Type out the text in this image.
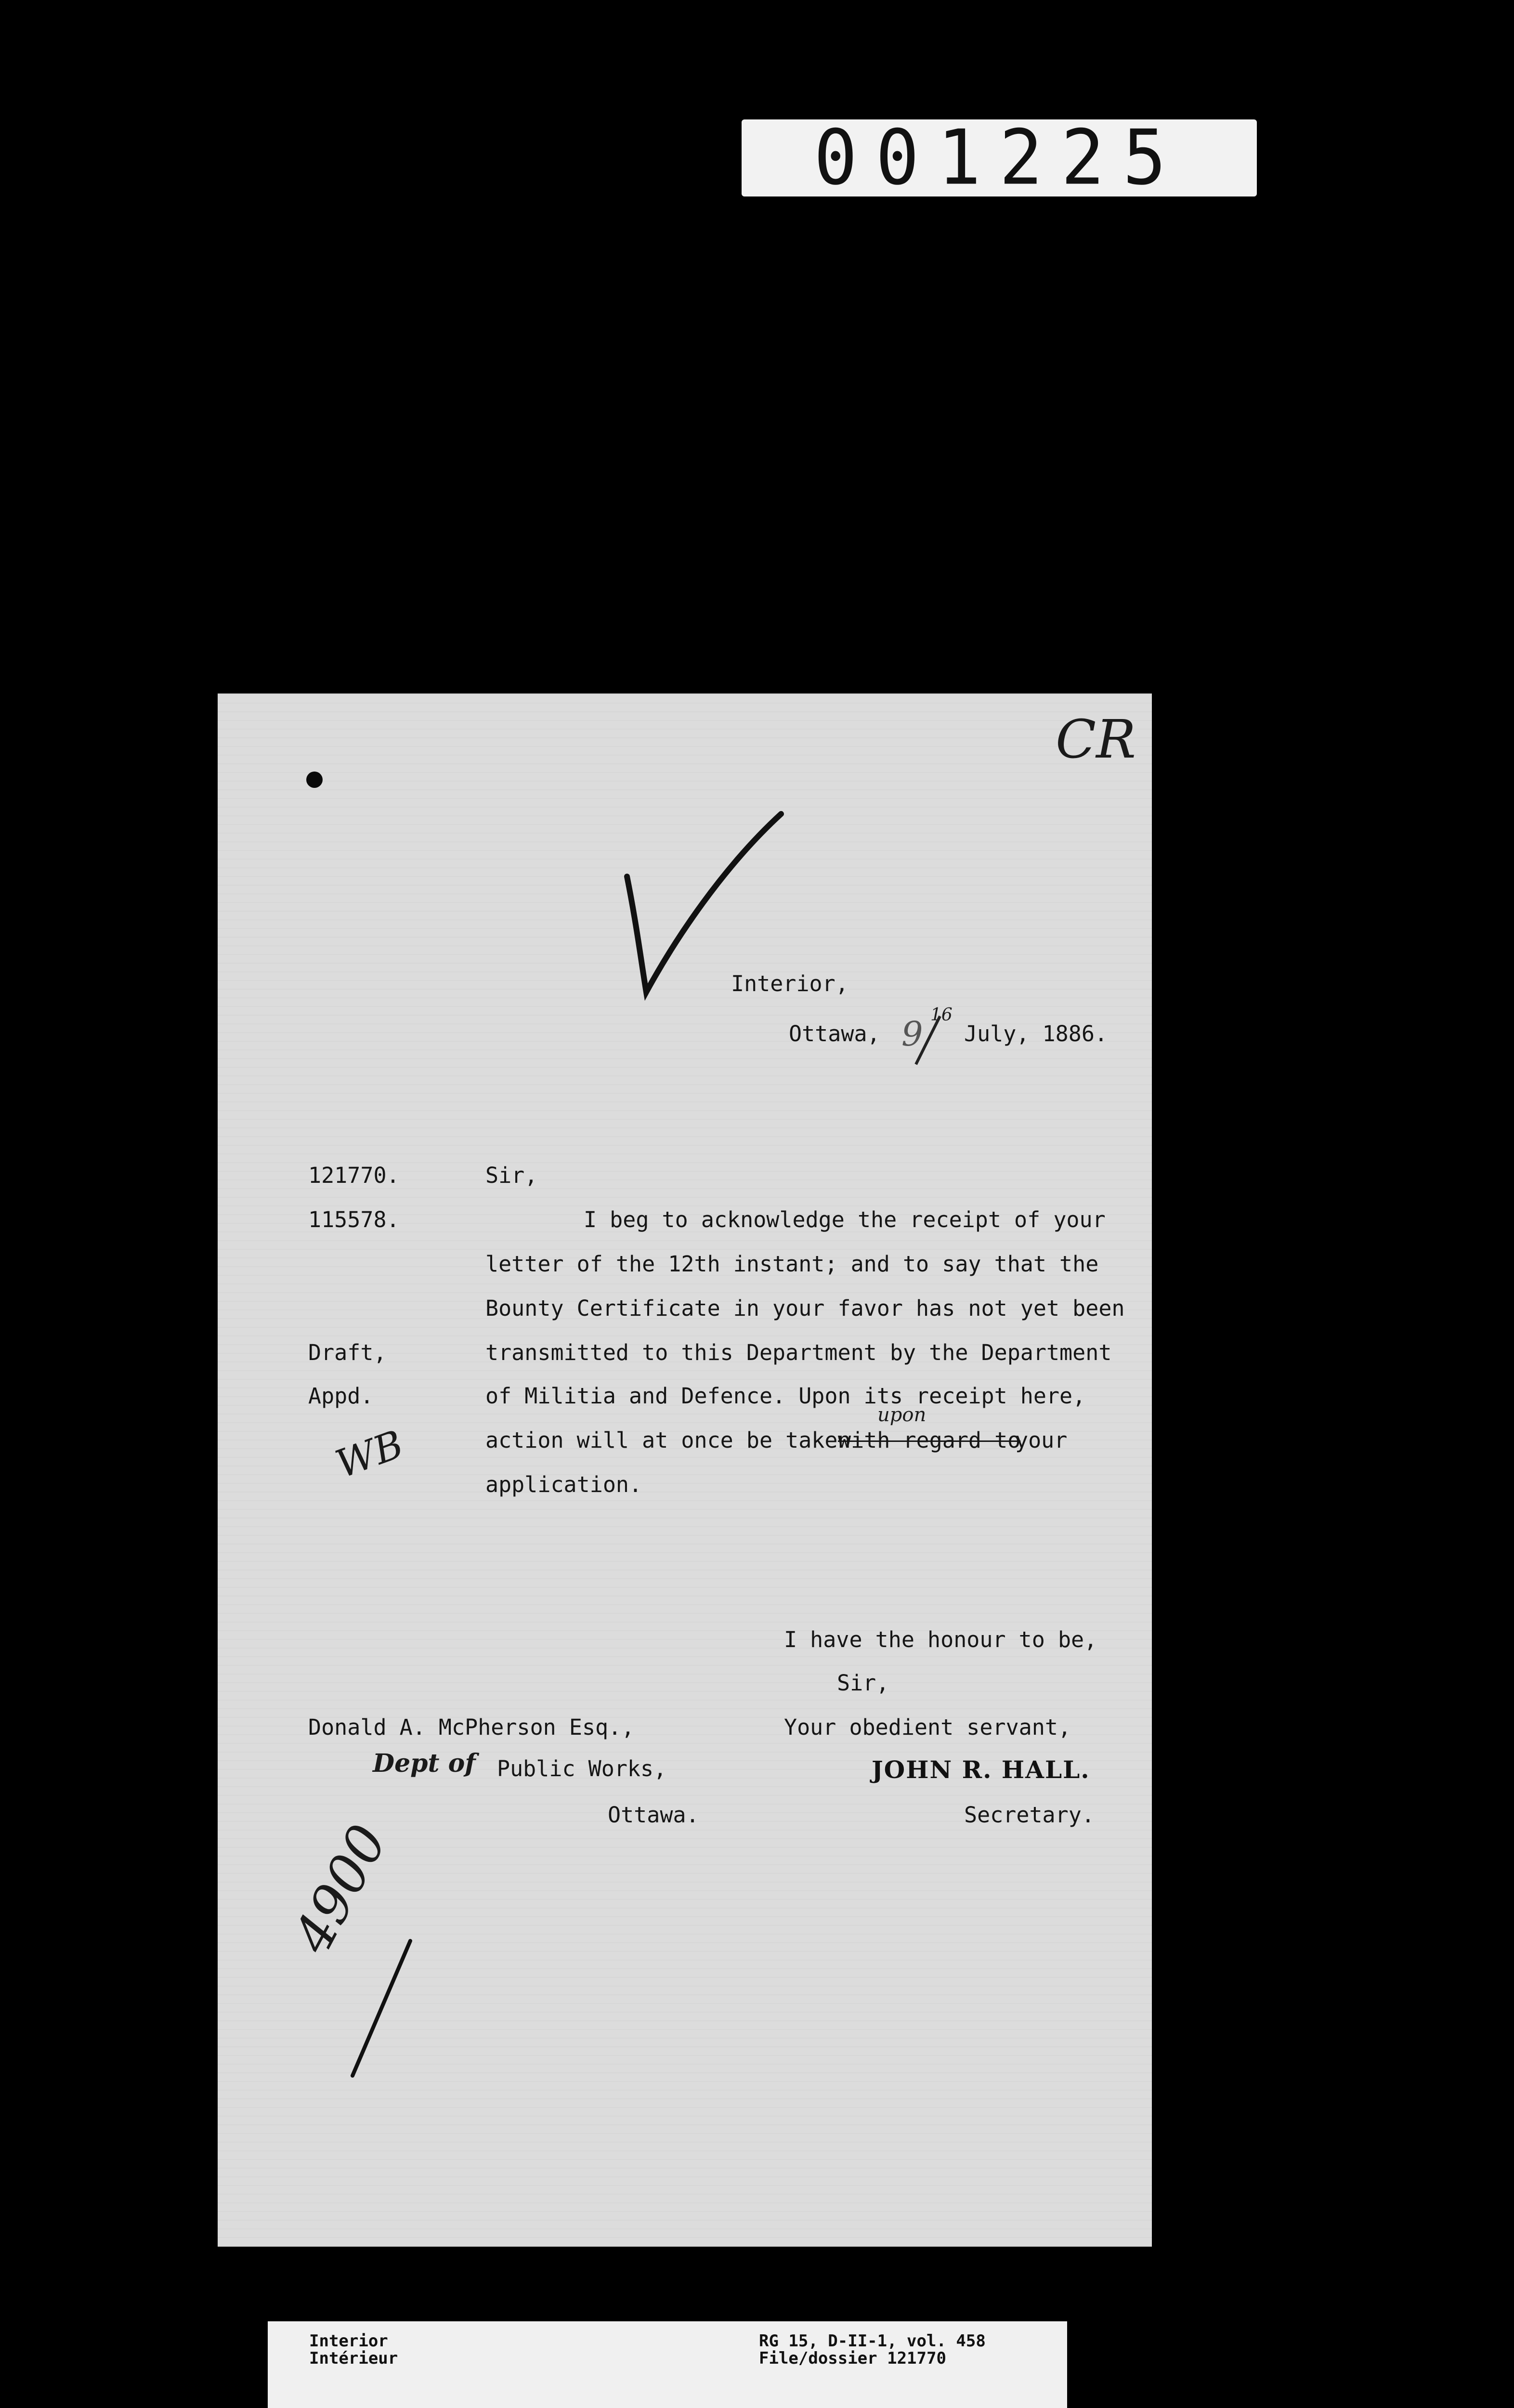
001225
CR
Interior,
Ottawa, 9 16
July, 1886.
121770.
115578.
Sir,
I beg to acknowledge the receipt of your
letter of the 12th instant; and to say that the
Bounty Certificate in your favor has not yet been
transmitted to this Department by the Department
of Militia and Defence. Upon its receipt here,
action will at once be taken
with regard to
upon
your
application.
Draft,
Appd.
WB
I have the honour to be,
Sir,
Your obedient servant,
JOHN R. HALL.
Secretary.
Donald A. McPherson Esq.,
Dept of Public Works,
Ottawa.
4900
Interior
Intérieur
RG 15, D-II-1, vol. 458
File/dossier 121770
